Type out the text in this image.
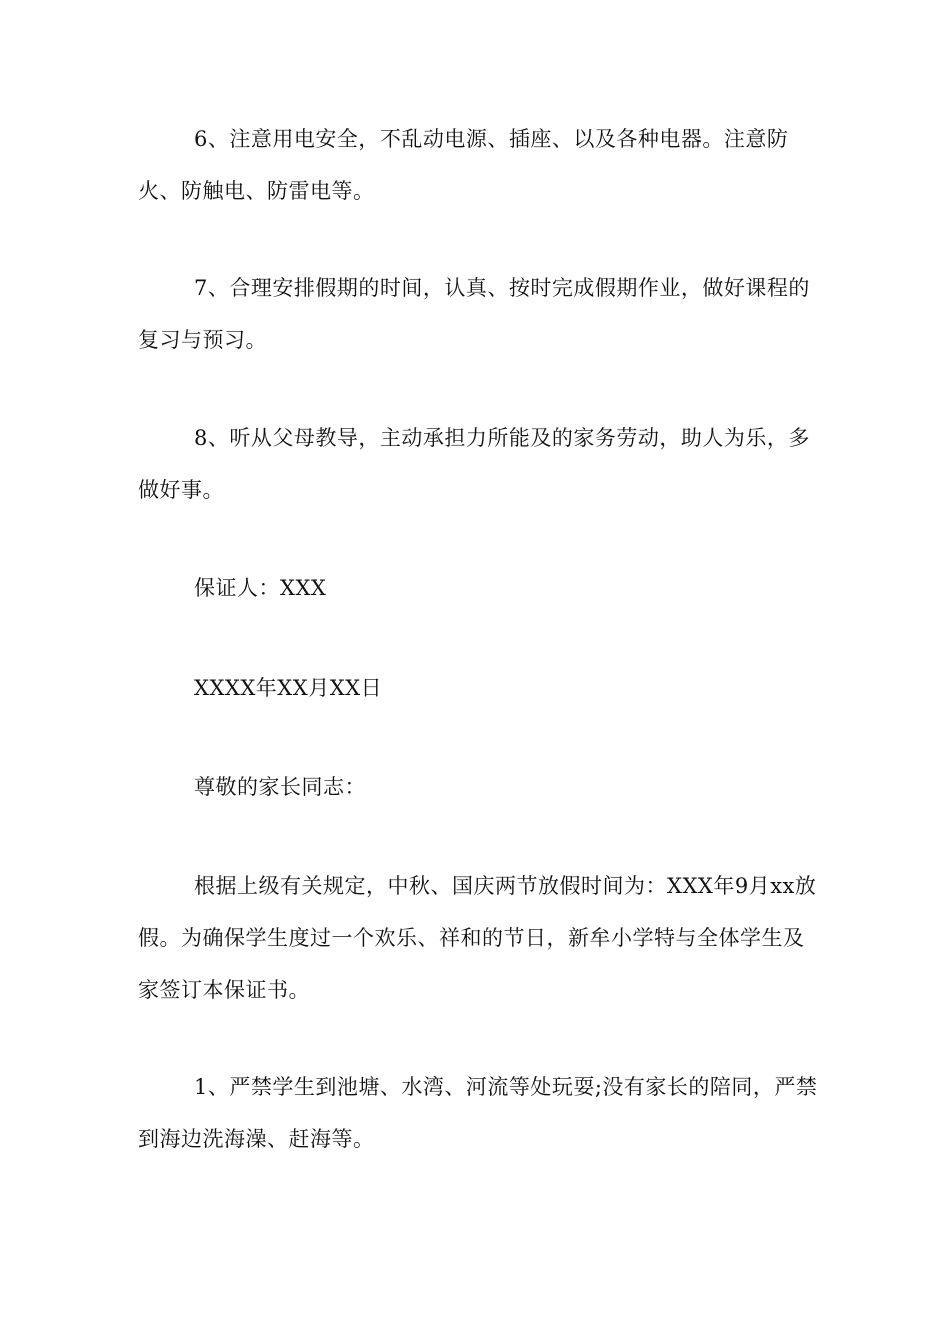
6、注意用电安全，不乱动电源、插座、以及各种电器。注意防火、防触电、防雷电等。

7、合理安排假期的时间，认真、按时完成假期作业，做好课程的复习与预习。

8、听从父母教导，主动承担力所能及的家务劳动，助人为乐，多做好事。

保证人：XXX
XXXX年XX月XX日
尊敬的家长同志：

根据上级有关规定，中秋、国庆两节放假时间为：XXX年9月xx放假。为确保学生度过一个欢乐、祥和的节日，新牟小学特与全体学生及家签订本保证书。

1、严禁学生到池塘、水湾、河流等处玩耍;没有家长的陪同，严禁到海边洗海澡、赶海等。
